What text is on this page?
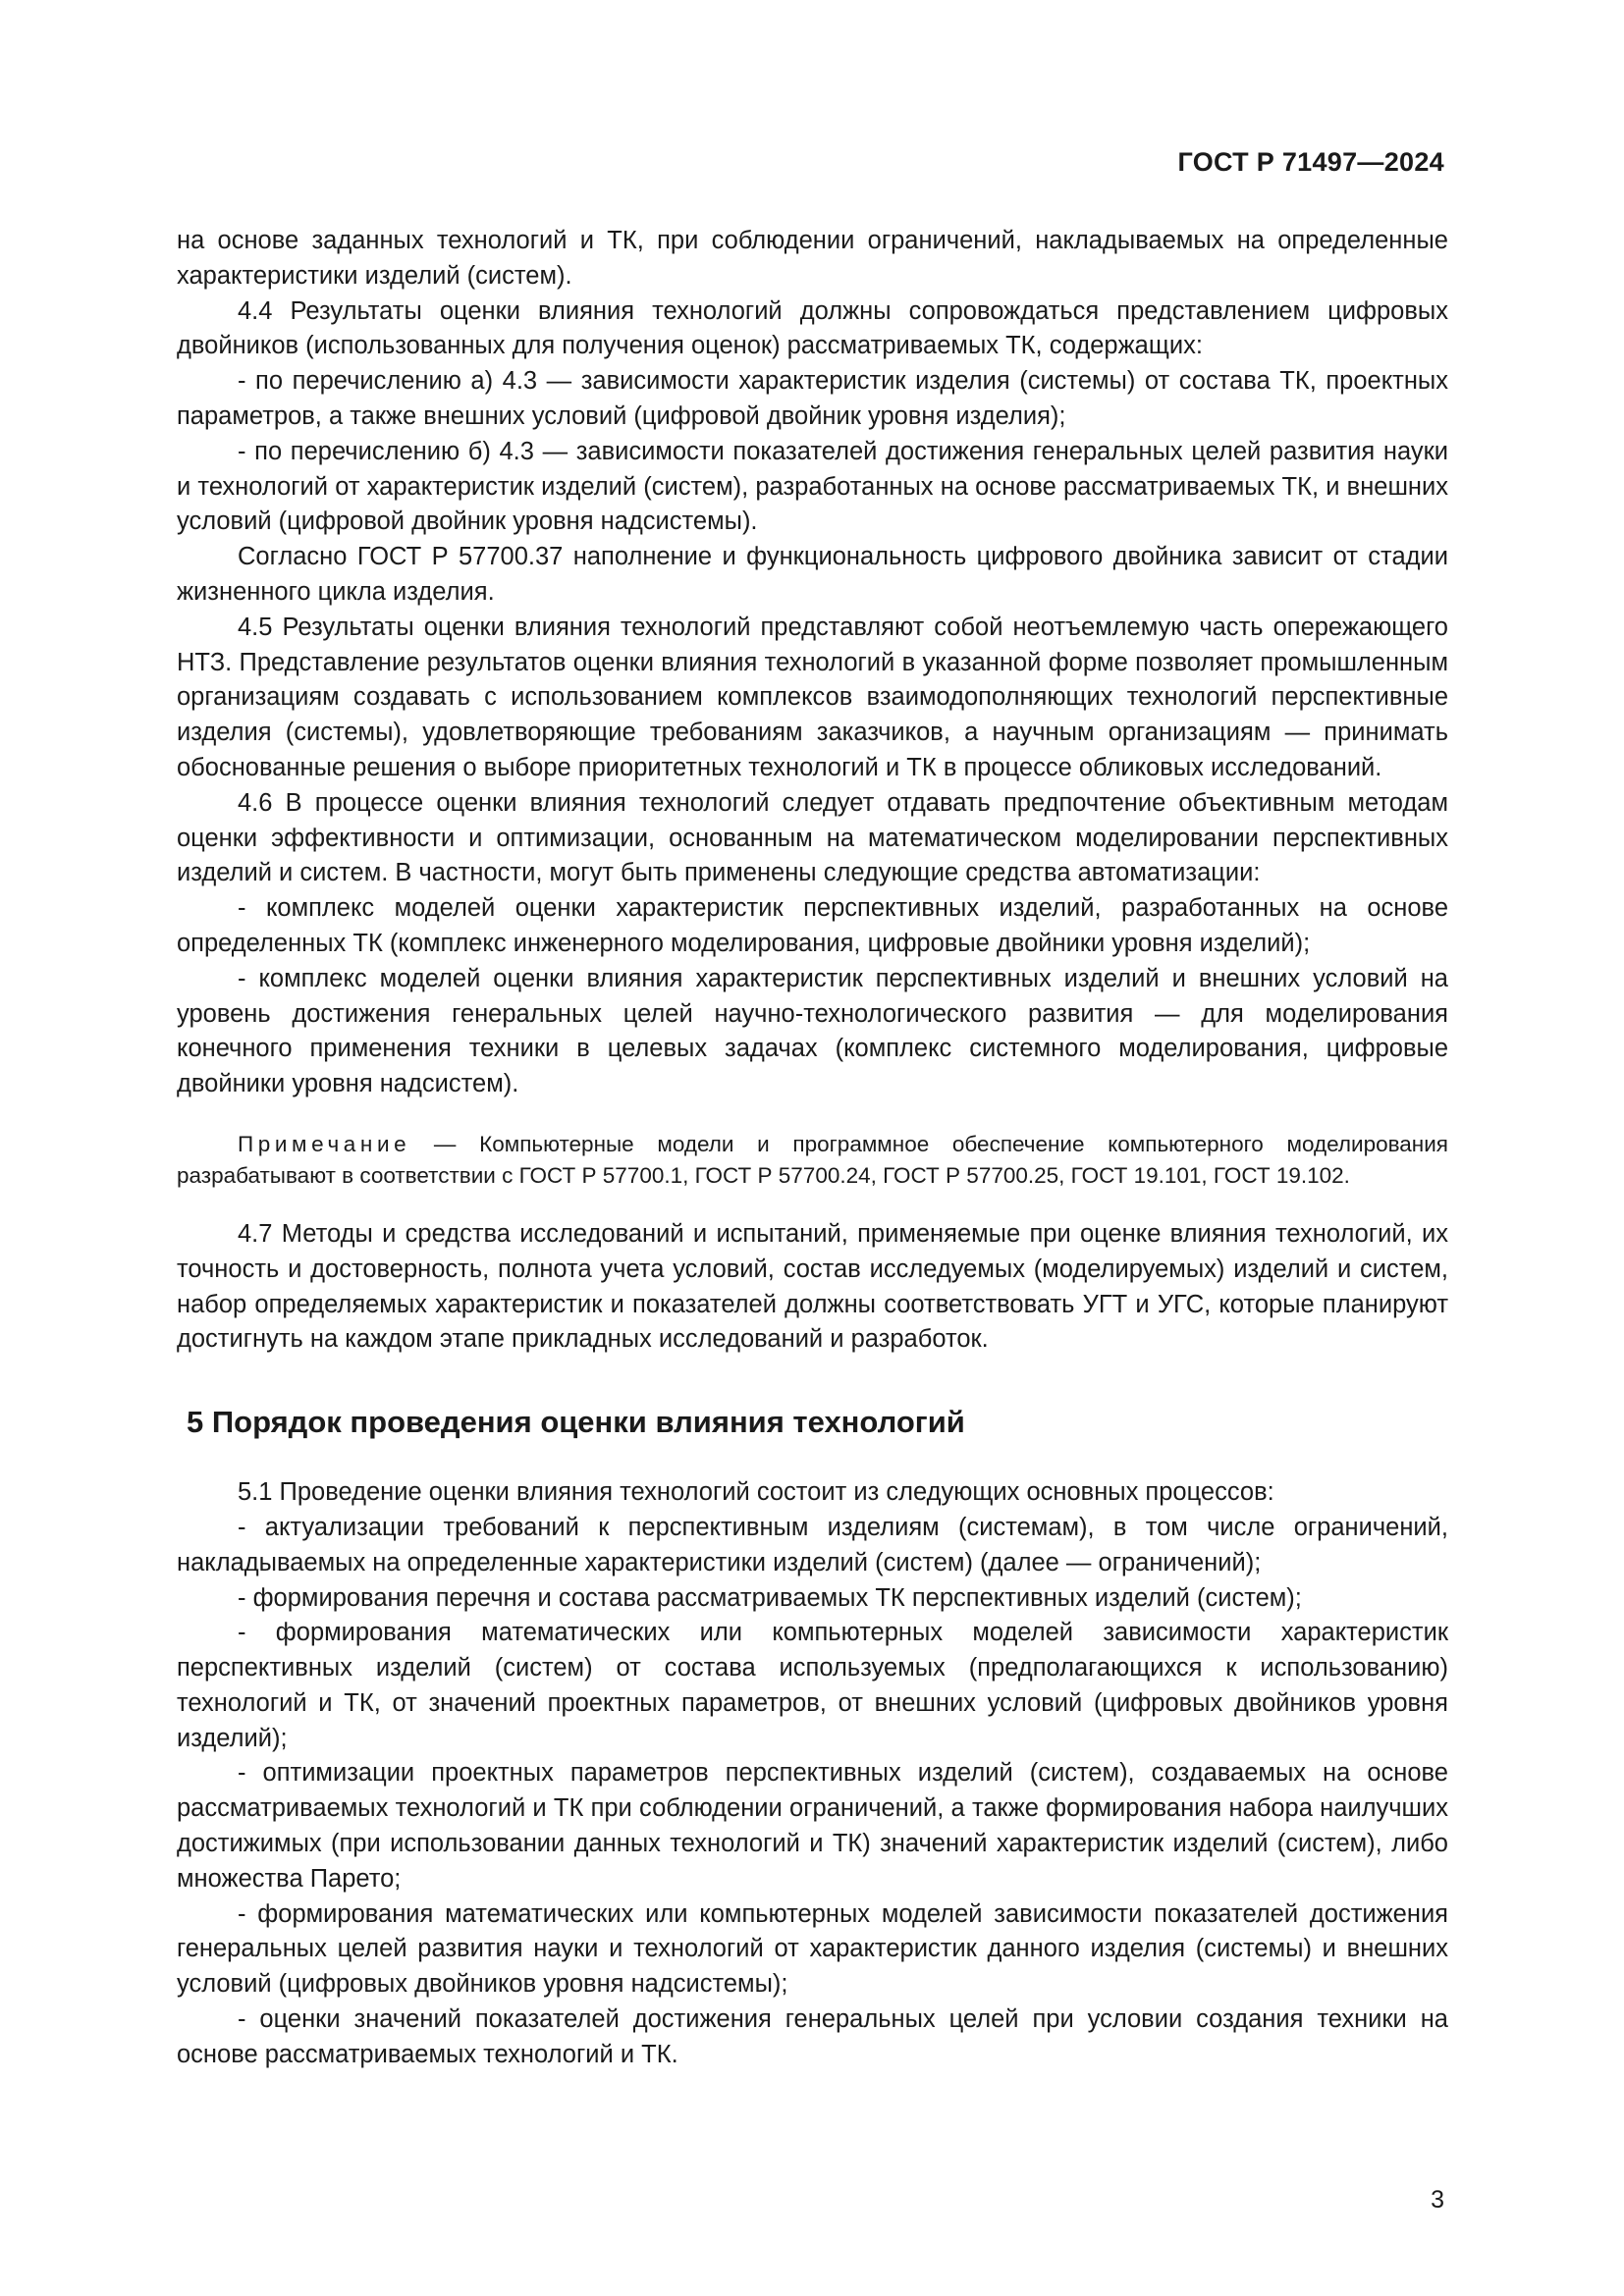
ГОСТ Р 71497—2024

на основе заданных технологий и ТК, при соблюдении ограничений, накладываемых на определенные характеристики изделий (систем).

4.4 Результаты оценки влияния технологий должны сопровождаться представлением цифровых двойников (использованных для получения оценок) рассматриваемых ТК, содержащих:

- по перечислению а) 4.3 — зависимости характеристик изделия (системы) от состава ТК, проектных параметров, а также внешних условий (цифровой двойник уровня изделия);

- по перечислению б) 4.3 — зависимости показателей достижения генеральных целей развития науки и технологий от характеристик изделий (систем), разработанных на основе рассматриваемых ТК, и внешних условий (цифровой двойник уровня надсистемы).

Согласно ГОСТ Р 57700.37 наполнение и функциональность цифрового двойника зависит от стадии жизненного цикла изделия.

4.5 Результаты оценки влияния технологий представляют собой неотъемлемую часть опережающего НТЗ. Представление результатов оценки влияния технологий в указанной форме позволяет промышленным организациям создавать с использованием комплексов взаимодополняющих технологий перспективные изделия (системы), удовлетворяющие требованиям заказчиков, а научным организациям — принимать обоснованные решения о выборе приоритетных технологий и ТК в процессе обликовых исследований.

4.6 В процессе оценки влияния технологий следует отдавать предпочтение объективным методам оценки эффективности и оптимизации, основанным на математическом моделировании перспективных изделий и систем. В частности, могут быть применены следующие средства автоматизации:

- комплекс моделей оценки характеристик перспективных изделий, разработанных на основе определенных ТК (комплекс инженерного моделирования, цифровые двойники уровня изделий);

- комплекс моделей оценки влияния характеристик перспективных изделий и внешних условий на уровень достижения генеральных целей научно-технологического развития — для моделирования конечного применения техники в целевых задачах (комплекс системного моделирования, цифровые двойники уровня надсистем).

Примечание — Компьютерные модели и программное обеспечение компьютерного моделирования разрабатывают в соответствии с ГОСТ Р 57700.1, ГОСТ Р 57700.24, ГОСТ Р 57700.25, ГОСТ 19.101, ГОСТ 19.102.

4.7 Методы и средства исследований и испытаний, применяемые при оценке влияния технологий, их точность и достоверность, полнота учета условий, состав исследуемых (моделируемых) изделий и систем, набор определяемых характеристик и показателей должны соответствовать УГТ и УГС, которые планируют достигнуть на каждом этапе прикладных исследований и разработок.

5 Порядок проведения оценки влияния технологий

5.1 Проведение оценки влияния технологий состоит из следующих основных процессов:

- актуализации требований к перспективным изделиям (системам), в том числе ограничений, накладываемых на определенные характеристики изделий (систем) (далее — ограничений);

- формирования перечня и состава рассматриваемых ТК перспективных изделий (систем);

- формирования математических или компьютерных моделей зависимости характеристик перспективных изделий (систем) от состава используемых (предполагающихся к использованию) технологий и ТК, от значений проектных параметров, от внешних условий (цифровых двойников уровня изделий);

- оптимизации проектных параметров перспективных изделий (систем), создаваемых на основе рассматриваемых технологий и ТК при соблюдении ограничений, а также формирования набора наилучших достижимых (при использовании данных технологий и ТК) значений характеристик изделий (систем), либо множества Парето;

- формирования математических или компьютерных моделей зависимости показателей достижения генеральных целей развития науки и технологий от характеристик данного изделия (системы) и внешних условий (цифровых двойников уровня надсистемы);

- оценки значений показателей достижения генеральных целей при условии создания техники на основе рассматриваемых технологий и ТК.

3
